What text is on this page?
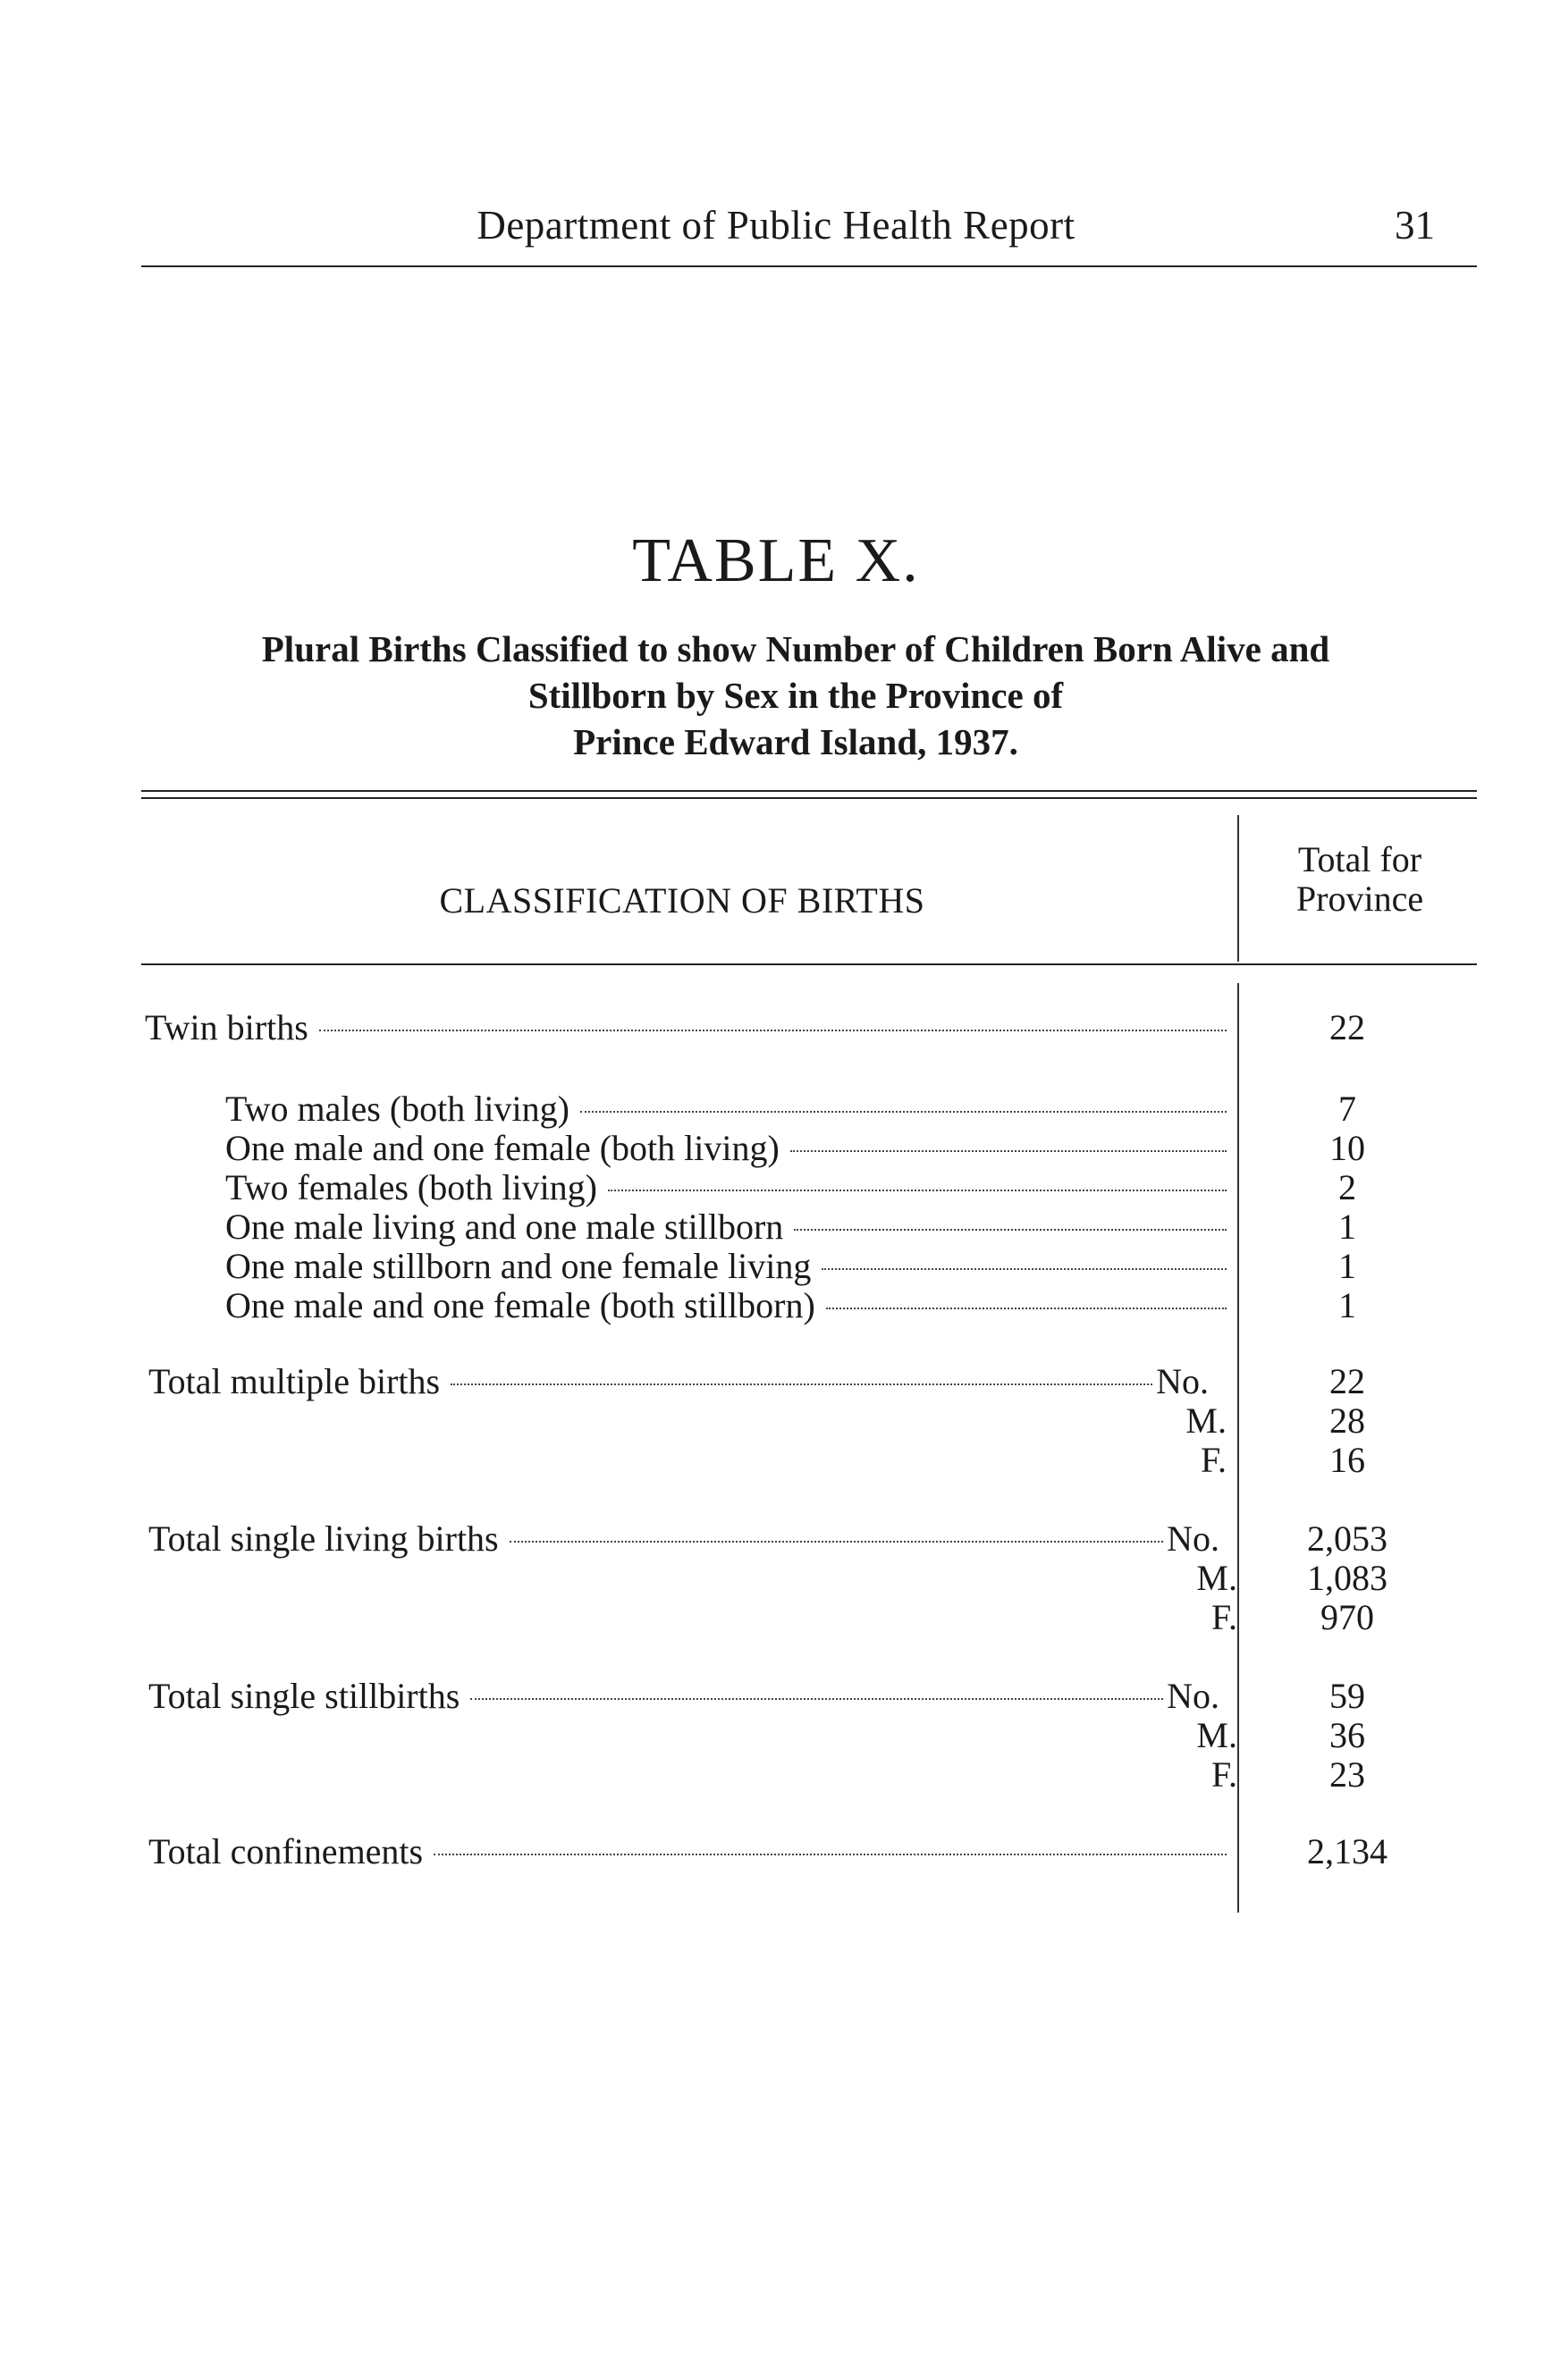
Department of Public Health Report	31
TABLE X.
Plural Births Classified to show Number of Children Born Alive and
Stillborn by Sex in the Province of
Prince Edward Island, 1937.
CLASSIFICATION OF BIRTHS
Total for
Province
Twin births	22
Two males (both living)	7
One male and one female (both living)	10
Two females (both living)	2
One male living and one male stillborn	1
One male stillborn and one female living	1
One male and one female (both stillborn)	1
Total multiple births	No.	22
M.	28
F.	16
Total single living births	No.	2,053
M.	1,083
F.	970
Total single stillbirths	No.	59
M.	36
F.	23
Total confinements	2,134
